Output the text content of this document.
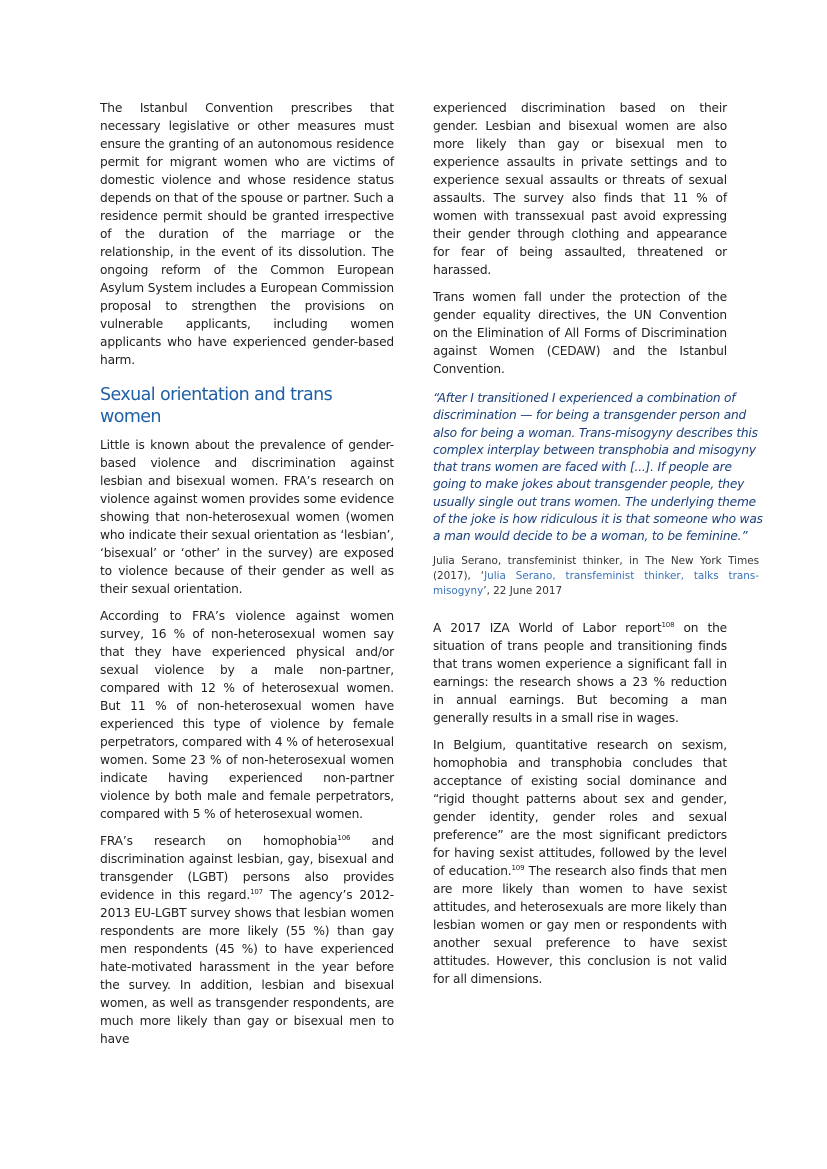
The Istanbul Convention prescribes that necessary legislative or other measures must ensure the granting of an autonomous residence permit for migrant women who are victims of domestic violence and whose residence status depends on that of the spouse or partner. Such a residence permit should be granted irrespective of the duration of the marriage or the relationship, in the event of its dissolution. The ongoing reform of the Common European Asylum System includes a European Commission proposal to strengthen the provisions on vulnerable applicants, including women applicants who have experienced gender-based harm.

Sexual orientation and trans women

Little is known about the prevalence of gender-based violence and discrimination against lesbian and bisexual women. FRA’s research on violence against women provides some evidence showing that non-heterosexual women (women who indicate their sexual orientation as ‘lesbian’, ‘bisexual’ or ‘other’ in the survey) are exposed to violence because of their gender as well as their sexual orientation.

According to FRA’s violence against women survey, 16 % of non-heterosexual women say that they have experienced physical and/or sexual violence by a male non-partner, compared with 12 % of heterosexual women. But 11 % of non-heterosexual women have experienced this type of violence by female perpetrators, compared with 4 % of heterosexual women. Some 23 % of non-heterosexual women indicate having experienced non-partner violence by both male and female perpetrators, compared with 5 % of heterosexual women.

FRA’s research on homophobia$^{106}$ and discrimination against lesbian, gay, bisexual and transgender (LGBT) persons also provides evidence in this regard.$^{107}$ The agency’s 2012-2013 EU-LGBT survey shows that lesbian women respondents are more likely (55 %) than gay men respondents (45 %) to have experienced hate-motivated harassment in the year before the survey. In addition, lesbian and bisexual women, as well as transgender respondents, are much more likely than gay or bisexual men to have

experienced discrimination based on their gender. Lesbian and bisexual women are also more likely than gay or bisexual men to experience assaults in private settings and to experience sexual assaults or threats of sexual assaults. The survey also finds that 11 % of women with transsexual past avoid expressing their gender through clothing and appearance for fear of being assaulted, threatened or harassed.

Trans women fall under the protection of the gender equality directives, the UN Convention on the Elimination of All Forms of Discrimination against Women (CEDAW) and the Istanbul Convention.

“After I transitioned I experienced a combination of discrimination — for being a transgender person and also for being a woman. Trans-misogyny describes this complex interplay between transphobia and misogyny that trans women are faced with [...]. If people are going to make jokes about transgender people, they usually single out trans women. The underlying theme of the joke is how ridiculous it is that someone who was a man would decide to be a woman, to be feminine.”

Julia Serano, transfeminist thinker, in The New York Times (2017), ‘Julia Serano, transfeminist thinker, talks trans-misogyny’, 22 June 2017

A 2017 IZA World of Labor report$^{108}$ on the situation of trans people and transitioning finds that trans women experience a significant fall in earnings: the research shows a 23 % reduction in annual earnings. But becoming a man generally results in a small rise in wages.

In Belgium, quantitative research on sexism, homophobia and transphobia concludes that acceptance of existing social dominance and “rigid thought patterns about sex and gender, gender identity, gender roles and sexual preference” are the most significant predictors for having sexist attitudes, followed by the level of education.$^{109}$ The research also finds that men are more likely than women to have sexist attitudes, and heterosexuals are more likely than lesbian women or gay men or respondents with another sexual preference to have sexist attitudes. However, this conclusion is not valid for all dimensions.
